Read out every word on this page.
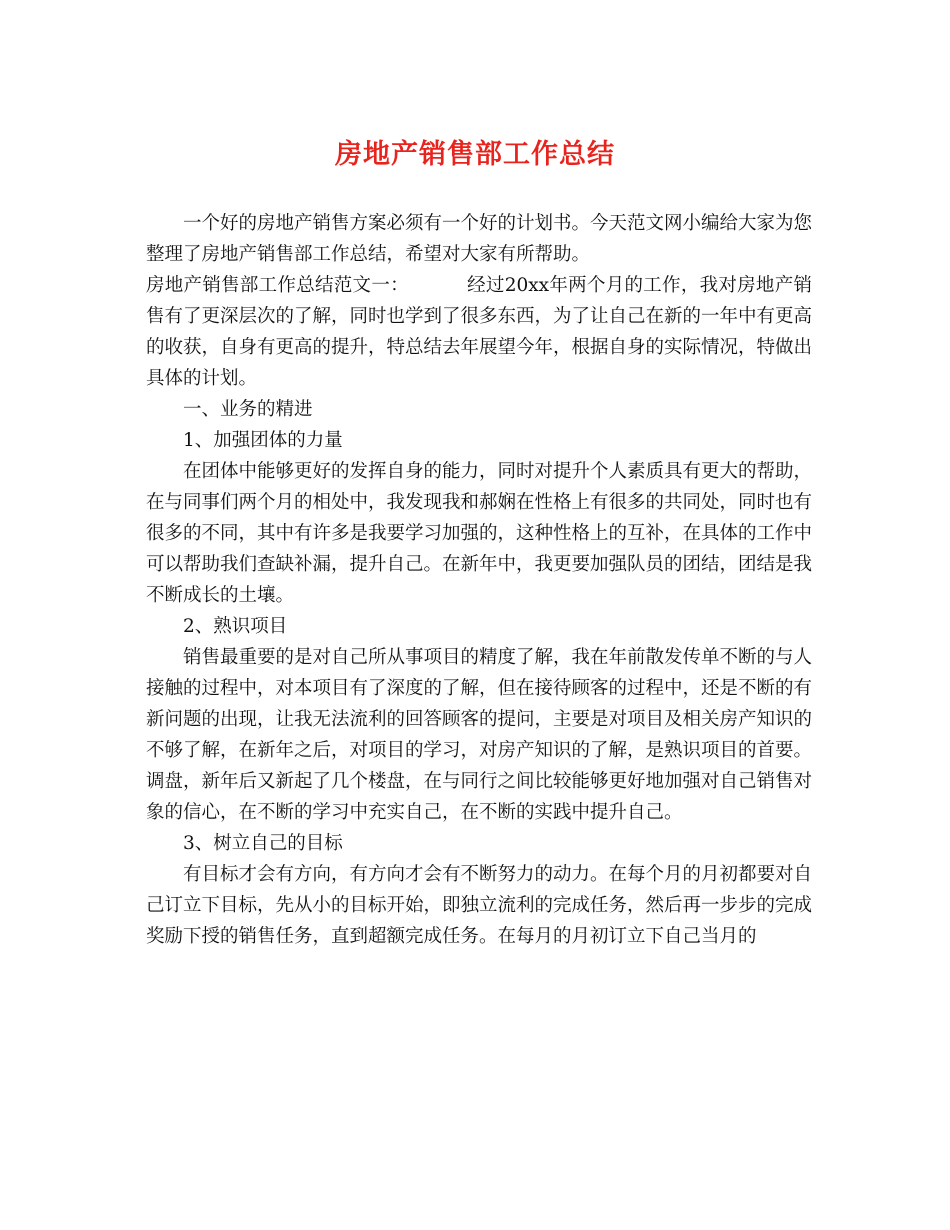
房地产销售部工作总结

一个好的房地产销售方案必须有一个好的计划书。今天范文网小编给大家为您整理了房地产销售部工作总结，希望对大家有所帮助。

房地产销售部工作总结范文一：	经过20xx年两个月的工作，我对房地产销售有了更深层次的了解，同时也学到了很多东西，为了让自己在新的一年中有更高的收获，自身有更高的提升，特总结去年展望今年，根据自身的实际情况，特做出具体的计划。

一、业务的精进

1、加强团体的力量

在团体中能够更好的发挥自身的能力，同时对提升个人素质具有更大的帮助，在与同事们两个月的相处中，我发现我和郝娴在性格上有很多的共同处，同时也有很多的不同，其中有许多是我要学习加强的，这种性格上的互补，在具体的工作中可以帮助我们查缺补漏，提升自己。在新年中，我更要加强队员的团结，团结是我不断成长的土壤。

2、熟识项目

销售最重要的是对自己所从事项目的精度了解，我在年前散发传单不断的与人接触的过程中，对本项目有了深度的了解，但在接待顾客的过程中，还是不断的有新问题的出现，让我无法流利的回答顾客的提问，主要是对项目及相关房产知识的不够了解，在新年之后，对项目的学习，对房产知识的了解，是熟识项目的首要。调盘，新年后又新起了几个楼盘，在与同行之间比较能够更好地加强对自己销售对象的信心，在不断的学习中充实自己，在不断的实践中提升自己。

3、树立自己的目标

有目标才会有方向，有方向才会有不断努力的动力。在每个月的月初都要对自己订立下目标，先从小的目标开始，即独立流利的完成任务，然后再一步步的完成奖励下授的销售任务，直到超额完成任务。在每月的月初订立下自己当月的
